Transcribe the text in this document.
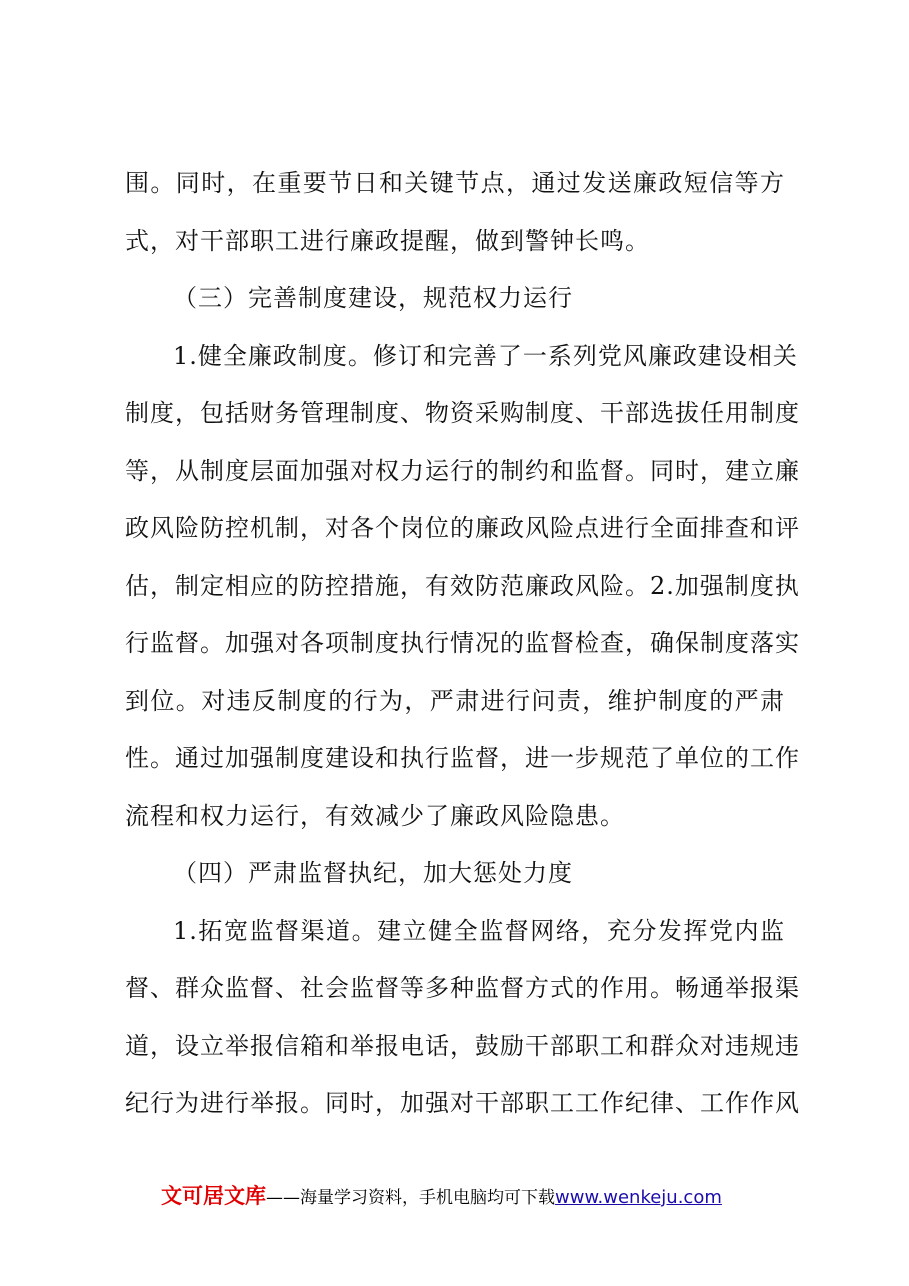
围。同时，在重要节日和关键节点，通过发送廉政短信等方
式，对干部职工进行廉政提醒，做到警钟长鸣。
（三）完善制度建设，规范权力运行
1.健全廉政制度。修订和完善了一系列党风廉政建设相关
制度，包括财务管理制度、物资采购制度、干部选拔任用制度
等，从制度层面加强对权力运行的制约和监督。同时，建立廉
政风险防控机制，对各个岗位的廉政风险点进行全面排查和评
估，制定相应的防控措施，有效防范廉政风险。2.加强制度执
行监督。加强对各项制度执行情况的监督检查，确保制度落实
到位。对违反制度的行为，严肃进行问责，维护制度的严肃
性。通过加强制度建设和执行监督，进一步规范了单位的工作
流程和权力运行，有效减少了廉政风险隐患。
（四）严肃监督执纪，加大惩处力度
1.拓宽监督渠道。建立健全监督网络，充分发挥党内监
督、群众监督、社会监督等多种监督方式的作用。畅通举报渠
道，设立举报信箱和举报电话，鼓励干部职工和群众对违规违
纪行为进行举报。同时，加强对干部职工工作纪律、工作作风
文可居文库——海量学习资料，手机电脑均可下载www.wenkeju.com
